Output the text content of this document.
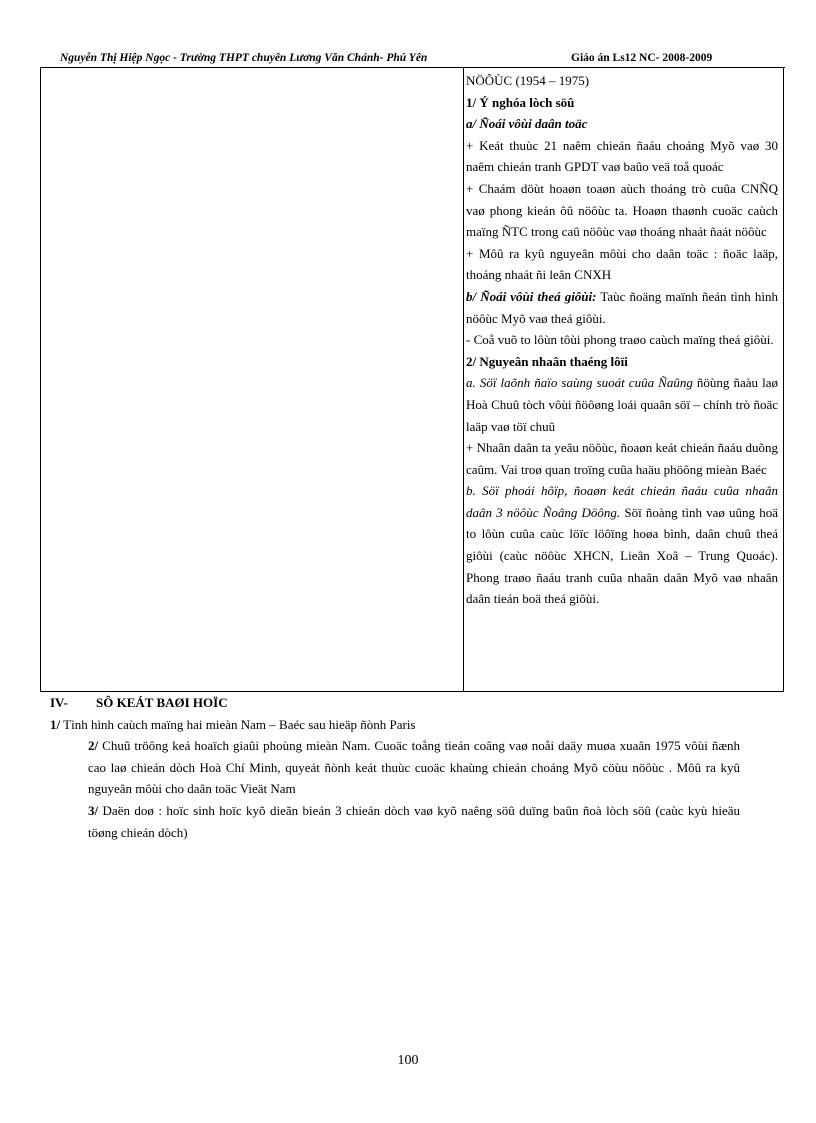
Nguyễn Thị Hiệp Ngọc - Trường THPT chuyên Lương Văn Chánh- Phú Yên	Giáo án Ls12 NC- 2008-2009

NÖÔÙC (1954 – 1975)

1/ Ý nghóa lòch söû

a/ Ñoái vôùi daân toäc

+ Keát thuùc 21 naêm chieán ñaáu choáng Myõ vaø 30 naêm chieán tranh GPDT vaø baûo veä toå quoác

+ Chaám döùt hoaøn toaøn aùch thoáng trò cuûa CNÑQ vaø phong kieán ôû nöôùc ta. Hoaøn thaønh cuoäc caùch maïng ÑTC trong caû nöôùc vaø thoáng nhaát ñaát nöôùc

+ Môû ra kyû nguyeân môùi cho daân toäc : ñoäc laäp, thoáng nhaát ñi leân CNXH

b/ Ñoái vôùi theá giôùi: Taùc ñoäng maïnh ñeán tình hình nöôùc Myõ vaø theá giôùi.

- Coå vuõ to lôùn tôùi phong traøo caùch maïng theá giôùi.

2/ Nguyeân nhaân thaéng lôïi

a. Söï laõnh ñaïo saùng suoát cuûa Ñaûng ñöùng ñaàu laø Hoà Chuû tòch vôùi ñöôøng loái quaân söï – chính trò ñoäc laäp vaø töï chuû

+ Nhaân daân ta yeâu nöôùc, ñoaøn keát chieán ñaáu duõng caûm. Vai troø quan troïng cuûa haäu phöông mieàn Baéc

b. Söï phoái hôïp, ñoaøn keát chieán ñaáu cuûa nhaân daân 3 nöôùc Ñoâng Döông. Söï ñoàng tình vaø uûng hoä to lôùn cuûa caùc löïc löôïng hoøa bình, daân chuû theá giôùi (caùc nöôùc XHCN, Lieân Xoâ – Trung Quoác). Phong traøo ñaáu tranh cuûa nhaân daân Myõ vaø nhaân daân tieán boä theá giôùi.

IV- SÔ KEÁT BAØI HOÏC

1/ Tình hình caùch maïng hai mieàn Nam – Baéc sau hieäp ñònh Paris

2/ Chuû tröông keá hoaïch giaûi phoùng mieàn Nam. Cuoäc toång tieán coâng vaø noåi daäy muøa xuaân 1975 vôùi ñænh cao laø chieán dòch Hoà Chí Minh, quyeát ñònh keát thuùc cuoäc khaùng chieán choáng Myõ cöùu nöôùc . Môû ra kyû nguyeân môùi cho daân toäc Vieät Nam

3/ Daën doø : hoïc sinh hoïc kyõ dieãn bieán 3 chieán dòch vaø kyõ naêng söû duïng baûn ñoà lòch söû (caùc kyù hieäu töøng chieán dòch)

100
